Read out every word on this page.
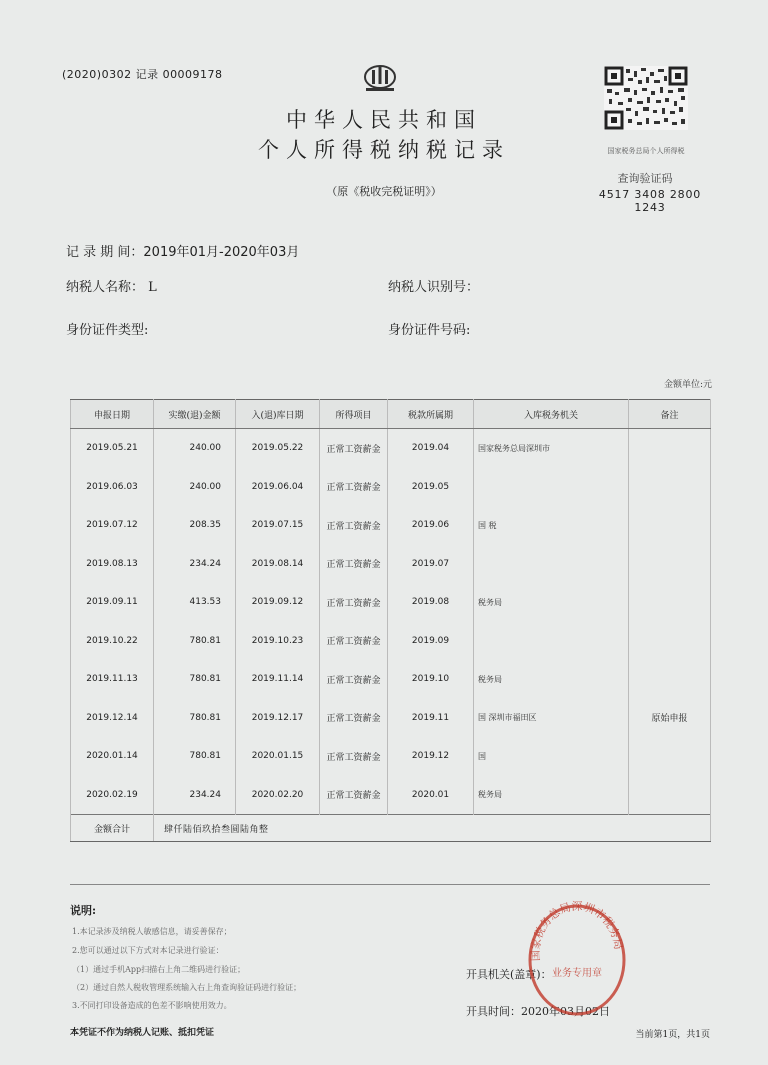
(2020)0302 记录 00009178
中华人民共和国
个人所得税纳税记录
（原《税收完税证明》）
国家税务总局个人所得税
查询验证码
4517 3408 2800 1243
记 录 期 间：2019年01月-2020年03月
纳税人名称： L	纳税人识别号：
身份证件类型:	身份证件号码:
金额单位:元
申报日期	实缴(退)金额	入(退)库日期	所得项目	税款所属期	入库税务机关	备注
2019.05.21	240.00	2019.05.22	正常工资薪金	2019.04	国家税务总局深圳市	
2019.06.03	240.00	2019.06.04	正常工资薪金	2019.05		
2019.07.12	208.35	2019.07.15	正常工资薪金	2019.06	国 税	
2019.08.13	234.24	2019.08.14	正常工资薪金	2019.07		
2019.09.11	413.53	2019.09.12	正常工资薪金	2019.08	税务局	
2019.10.22	780.81	2019.10.23	正常工资薪金	2019.09		
2019.11.13	780.81	2019.11.14	正常工资薪金	2019.10	税务局	
2019.12.14	780.81	2019.12.17	正常工资薪金	2019.11	国 深圳市福田区	原始申报
2020.01.14	780.81	2020.01.15	正常工资薪金	2019.12	国	
2020.02.19	234.24	2020.02.20	正常工资薪金	2020.01	税务局	
金额合计	肆仟陆佰玖拾叁圆陆角整					
说明:
1.本记录涉及纳税人敏感信息，请妥善保存；
2.您可以通过以下方式对本记录进行验证：
（1）通过手机App扫描右上角二维码进行验证；
（2）通过自然人税收管理系统输入右上角查询验证码进行验证；
3.不同打印设备造成的色差不影响使用效力。
本凭证不作为纳税人记账、抵扣凭证
开具机关(盖章)：
开具时间：2020年03月02日
国家税务总局深圳市税务局
业务专用章
当前第1页，共1页
